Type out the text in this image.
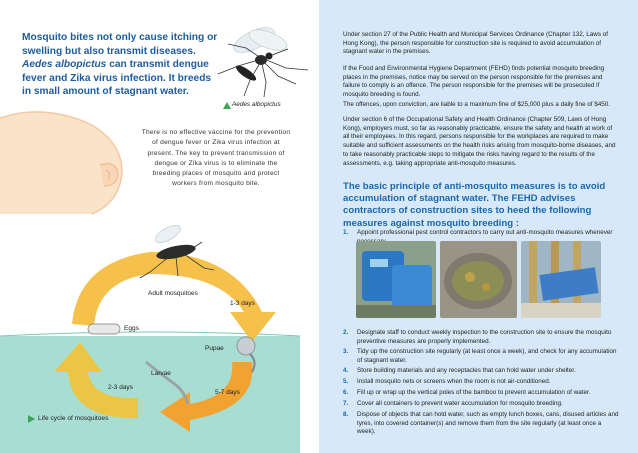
Mosquito bites not only cause itching or swelling but also transmit diseases. Aedes albopictus can transmit dengue fever and Zika virus infection. It breeds in small amount of stagnant water.
Aedes albopictus
There is no effective vaccine for the prevention of dengue fever or Zika virus infection at present. The key to prevent transmission of dengue or Zika virus is to eliminate the breeding places of mosquito and protect workers from mosquito bite.
Adult mosquitoes
1-3 days
Eggs
Pupae
Larvae
2-3 days
5-7 days
Life cycle of mosquitoes
Under section 27 of the Public Health and Municipal Services Ordinance (Chapter 132, Laws of Hong Kong), the person responsible for construction site is required to avoid accumulation of stagnant water in the premises.
If the Food and Environmental Hygiene Department (FEHD) finds potential mosquito breeding places in the premises, notice may be served on the person responsible for the premises and failure to comply is an offence. The person responsible for the premises will be prosecuted if mosquito breeding is found.
The offences, upon conviction, are liable to a maximum fine of $25,000 plus a daily fine of $450.
Under section 6 of the Occupational Safety and Health Ordinance (Chapter 509, Laws of Hong Kong), employers must, so far as reasonably practicable, ensure the safety and health at work of all their employees. In this regard, persons responsible for the workplaces are required to make suitable and sufficient assessments on the health risks arising from mosquito-borne diseases, and to take reasonably practicable steps to mitigate the risks having regard to the results of the assessments, e.g. taking appropriate anti-mosquito measures.
The basic principle of anti-mosquito measures is to avoid accumulation of stagnant water. The FEHD advises contractors of construction sites to heed the following measures against mosquito breeding :
1. Appoint professional pest control contractors to carry out anti-mosquito measures whenever
2. Designate staff to conduct weekly inspection to the construction site to ensure the mosquito preventive measures are properly implemented.
3. Tidy up the construction site regularly (at least once a week), and check for any accumulation of stagnant water.
4. Store building materials and any receptacles that can hold water under shelter.
5. Install mosquito nets or screens when the room is not air-conditioned.
6. Fill up or wrap up the vertical poles of the bamboo to prevent accumulation of water.
7. Cover all containers to prevent water accumulation for mosquito breeding.
8. Dispose of objects that can hold water, such as empty lunch boxes, cans, disused articles and tyres, into covered container(s) and remove them from the site regularly (at least once a week).
